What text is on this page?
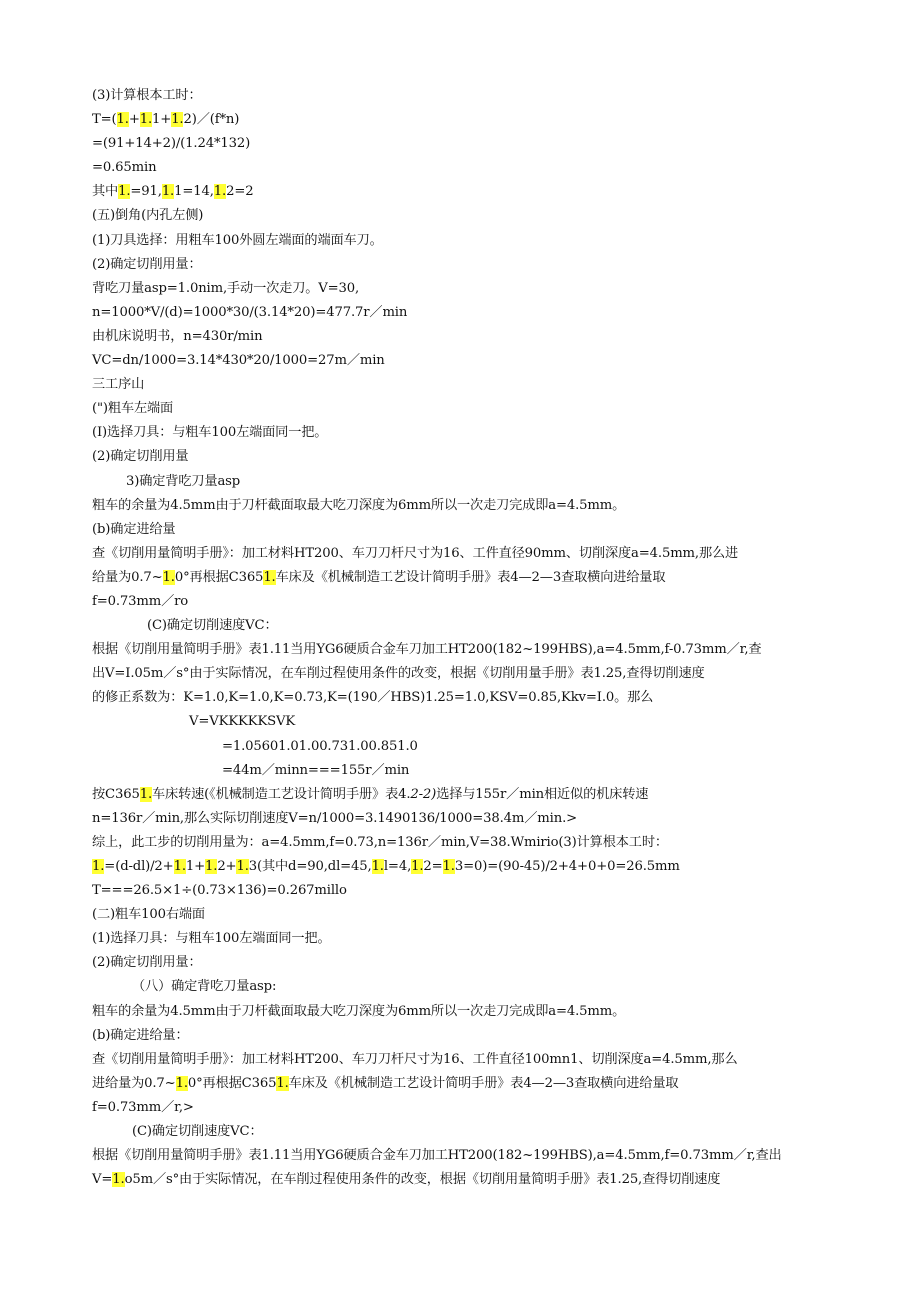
(3)计算根本工时：
T=(1.+1.1+1.2)／(f*n)
=(91+14+2)/(1.24*132)
=0.65min
其中1.=91,1.1=14,1.2=2
(五)倒角(内孔左侧)
(1)刀具选择：用粗车100外圆左端面的端面车刀。
(2)确定切削用量：
背吃刀量asp=1.0nim,手动一次走刀。V=30,
n=1000*V/(d)=1000*30/(3.14*20)=477.7r／min
由机床说明书，n=430r/min
VC=dn/1000=3.14*430*20/1000=27m／min
三工序山
(")粗车左端面
(I)选择刀具：与粗车100左端面同一把。
(2)确定切削用量
3)确定背吃刀量asp
粗车的余量为4.5mm由于刀杆截面取最大吃刀深度为6mm所以一次走刀完成即a=4.5mm。
(b)确定进给量
查《切削用量简明手册》：加工材料HT200、车刀刀杆尺寸为16、工件直径90mm、切削深度a=4.5mm,那么进
给量为0.7~1.0°再根据C3651.车床及《机械制造工艺设计简明手册》表4—2—3查取横向进给量取
f=0.73mm／ro
(C)确定切削速度VC：
根据《切削用量简明手册》表1.11当用YG6硬质合金车刀加工HT200(182~199HBS),a=4.5mm,f-0.73mm／r,查
出V=I.05m／s°由于实际情况，在车削过程使用条件的改变，根据《切削用量手册》表1.25,查得切削速度
的修正系数为：K=1.0,K=1.0,K=0.73,K=(190／HBS)1.25=1.0,KSV=0.85,Kkv=I.0。那么
V=VKKKKKSVK
=1.05601.01.00.731.00.851.0
=44m／minn===155r／min
按C3651.车床转速(《机械制造工艺设计简明手册》表4.2-2)选择与155r／min相近似的机床转速
n=136r／min,那么实际切削速度V=n/1000=3.1490136/1000=38.4m／min.>
综上，此工步的切削用量为：a=4.5mm,f=0.73,n=136r／min,V=38.Wmirio(3)计算根本工时：
1.=(d-dl)/2+1.1+1.2+1.3(其中d=90,dl=45,1.l=4,1.2=1.3=0)=(90-45)/2+4+0+0=26.5mm
T===26.5×1÷(0.73×136)=0.267millo
(二)粗车100右端面
(1)选择刀具：与粗车100左端面同一把。
(2)确定切削用量：
（八）确定背吃刀量asp:
粗车的余量为4.5mm由于刀杆截面取最大吃刀深度为6mm所以一次走刀完成即a=4.5mm。
(b)确定进给量：
查《切削用量简明手册》：加工材料HT200、车刀刀杆尺寸为16、工件直径100mn1、切削深度a=4.5mm,那么
进给量为0.7~1.0°再根据C3651.车床及《机械制造工艺设计简明手册》表4—2—3查取横向进给量取
f=0.73mm／r,>
(C)确定切削速度VC：
根据《切削用量简明手册》表1.11当用YG6硬质合金车刀加工HT200(182~199HBS),a=4.5mm,f=0.73mm／r,查出
V=1.o5m／s°由于实际情况，在车削过程使用条件的改变，根据《切削用量简明手册》表1.25,查得切削速度
